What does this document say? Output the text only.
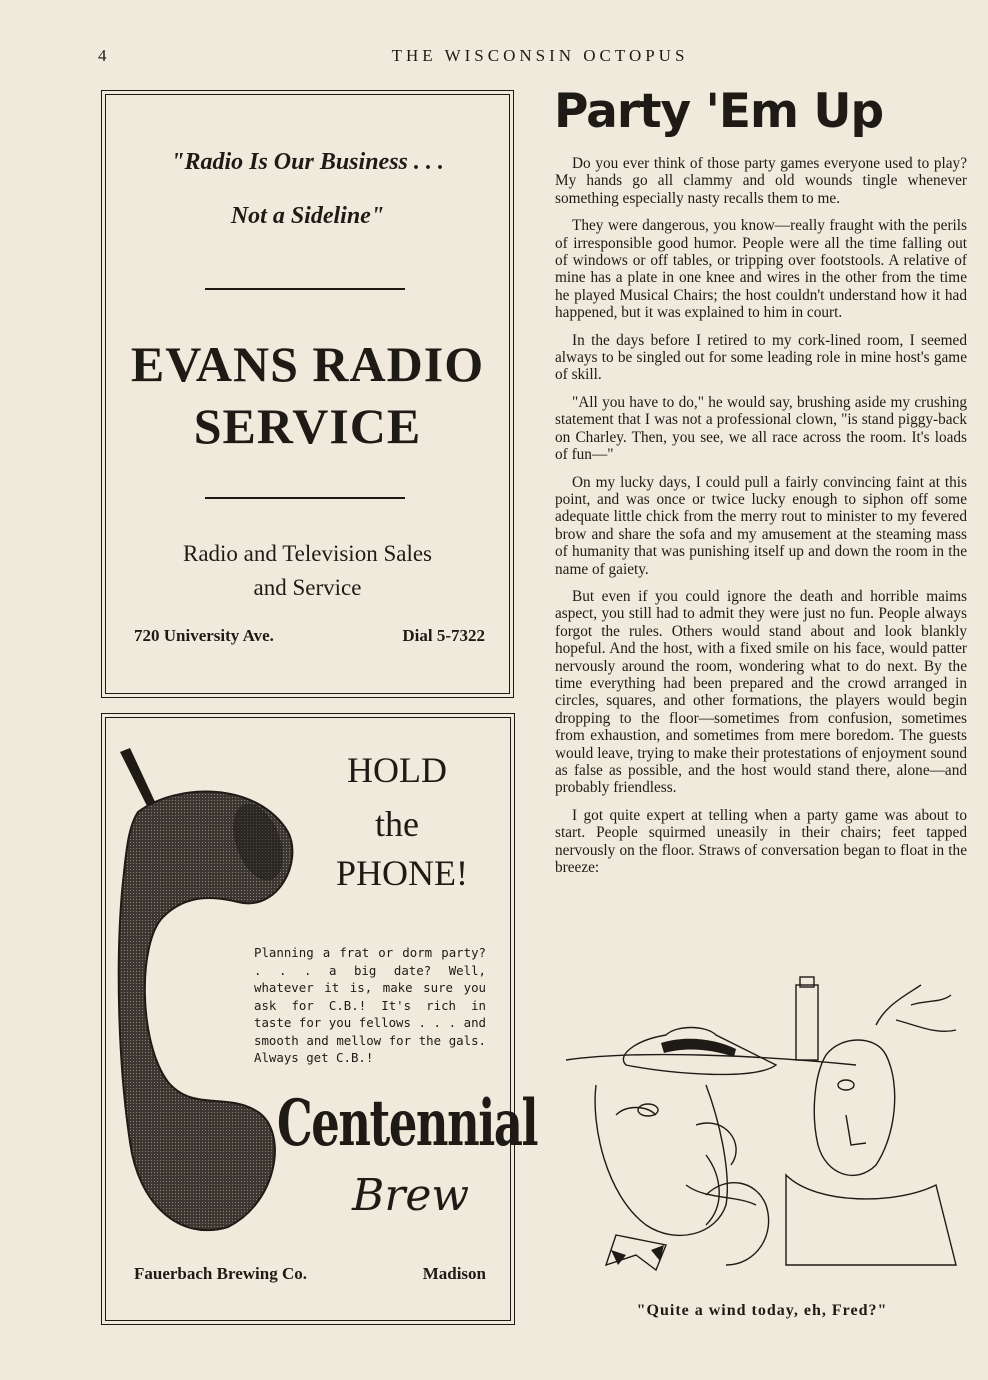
4	THE WISCONSIN OCTOPUS
"Radio Is Our Business . . .
Not a Sideline"
EVANS RADIO
SERVICE
Radio and Television Sales
and Service
720 University Ave.	Dial 5-7322
HOLD
the
PHONE!
Planning a frat or dorm party? . . . a big date? Well, whatever it is, make sure you ask for C.B.! It's rich in taste for you fellows . . . and smooth and mellow for the gals. Always get C.B.!
Centennial
Brew
Fauerbach Brewing Co.	Madison
Party 'Em Up

Do you ever think of those party games everyone used to play? My hands go all clammy and old wounds tingle whenever something especially nasty recalls them to me.

They were dangerous, you know—really fraught with the perils of irresponsible good humor. People were all the time falling out of windows or off tables, or tripping over footstools. A relative of mine has a plate in one knee and wires in the other from the time he played Musical Chairs; the host couldn't understand how it had happened, but it was explained to him in court.

In the days before I retired to my cork-lined room, I seemed always to be singled out for some leading role in mine host's game of skill.

"All you have to do," he would say, brushing aside my crushing statement that I was not a professional clown, "is stand piggy-back on Charley. Then, you see, we all race across the room. It's loads of fun—"

On my lucky days, I could pull a fairly convincing faint at this point, and was once or twice lucky enough to siphon off some adequate little chick from the merry rout to minister to my fevered brow and share the sofa and my amusement at the steaming mass of humanity that was punishing itself up and down the room in the name of gaiety.

But even if you could ignore the death and horrible maims aspect, you still had to admit they were just no fun. People always forgot the rules. Others would stand about and look blankly hopeful. And the host, with a fixed smile on his face, would patter nervously around the room, wondering what to do next. By the time everything had been prepared and the crowd arranged in circles, squares, and other formations, the players would begin dropping to the floor—sometimes from confusion, sometimes from exhaustion, and sometimes from mere boredom. The guests would leave, trying to make their protestations of enjoyment sound as false as possible, and the host would stand there, alone—and probably friendless.

I got quite expert at telling when a party game was about to start. People squirmed uneasily in their chairs; feet tapped nervously on the floor. Straws of conversation began to float in the breeze:

"Quite a wind today, eh, Fred?"
